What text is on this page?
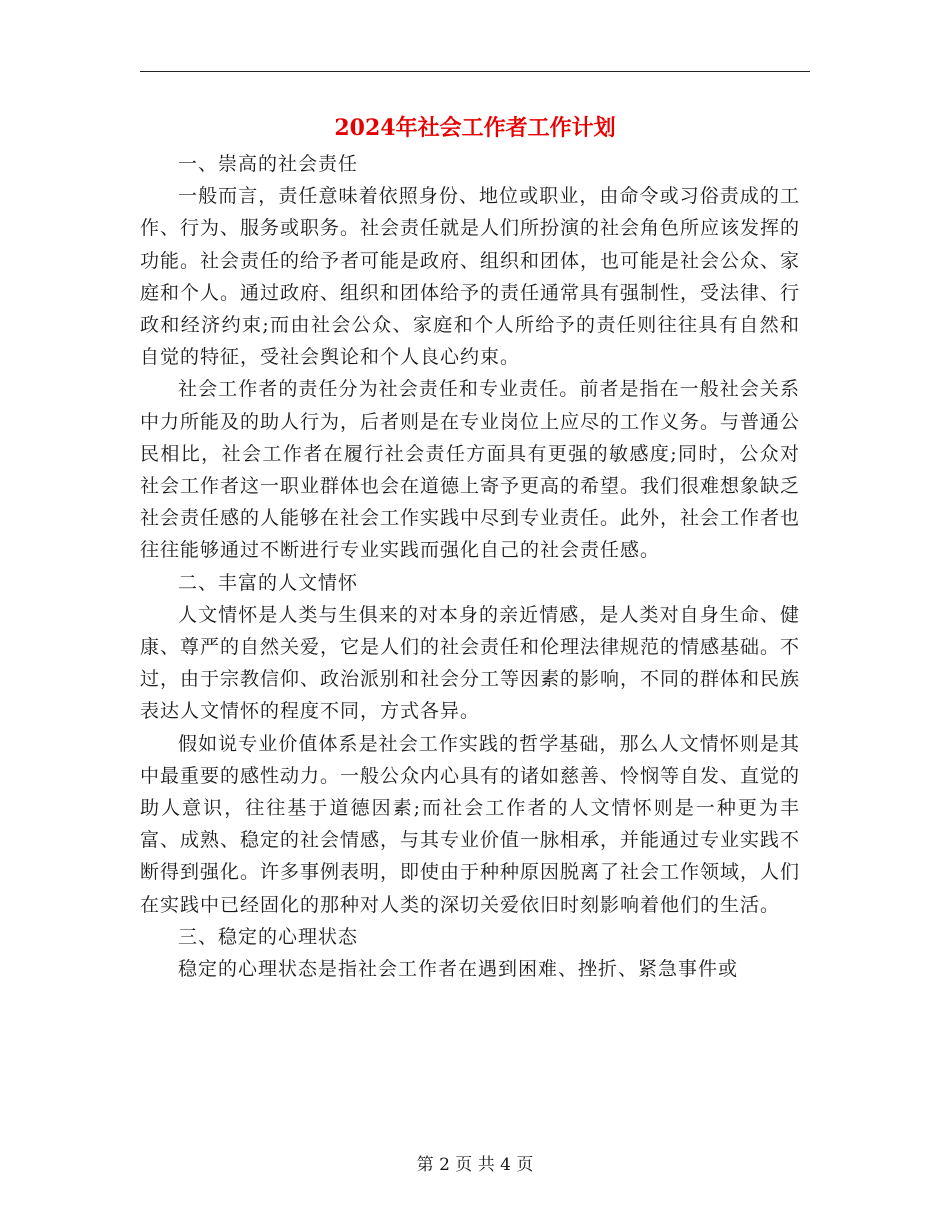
2024年社会工作者工作计划

一、崇高的社会责任

一般而言，责任意味着依照身份、地位或职业，由命令或习俗责成的工作、行为、服务或职务。社会责任就是人们所扮演的社会角色所应该发挥的功能。社会责任的给予者可能是政府、组织和团体，也可能是社会公众、家庭和个人。通过政府、组织和团体给予的责任通常具有强制性，受法律、行政和经济约束;而由社会公众、家庭和个人所给予的责任则往往具有自然和自觉的特征，受社会舆论和个人良心约束。

社会工作者的责任分为社会责任和专业责任。前者是指在一般社会关系中力所能及的助人行为，后者则是在专业岗位上应尽的工作义务。与普通公民相比，社会工作者在履行社会责任方面具有更强的敏感度;同时，公众对社会工作者这一职业群体也会在道德上寄予更高的希望。我们很难想象缺乏社会责任感的人能够在社会工作实践中尽到专业责任。此外，社会工作者也往往能够通过不断进行专业实践而强化自己的社会责任感。

二、丰富的人文情怀

人文情怀是人类与生俱来的对本身的亲近情感，是人类对自身生命、健康、尊严的自然关爱，它是人们的社会责任和伦理法律规范的情感基础。不过，由于宗教信仰、政治派别和社会分工等因素的影响，不同的群体和民族表达人文情怀的程度不同，方式各异。

假如说专业价值体系是社会工作实践的哲学基础，那么人文情怀则是其中最重要的感性动力。一般公众内心具有的诸如慈善、怜悯等自发、直觉的助人意识，往往基于道德因素;而社会工作者的人文情怀则是一种更为丰富、成熟、稳定的社会情感，与其专业价值一脉相承，并能通过专业实践不断得到强化。许多事例表明，即使由于种种原因脱离了社会工作领域，人们在实践中已经固化的那种对人类的深切关爱依旧时刻影响着他们的生活。

三、稳定的心理状态

稳定的心理状态是指社会工作者在遇到困难、挫折、紧急事件或

第 2 页 共 4 页
